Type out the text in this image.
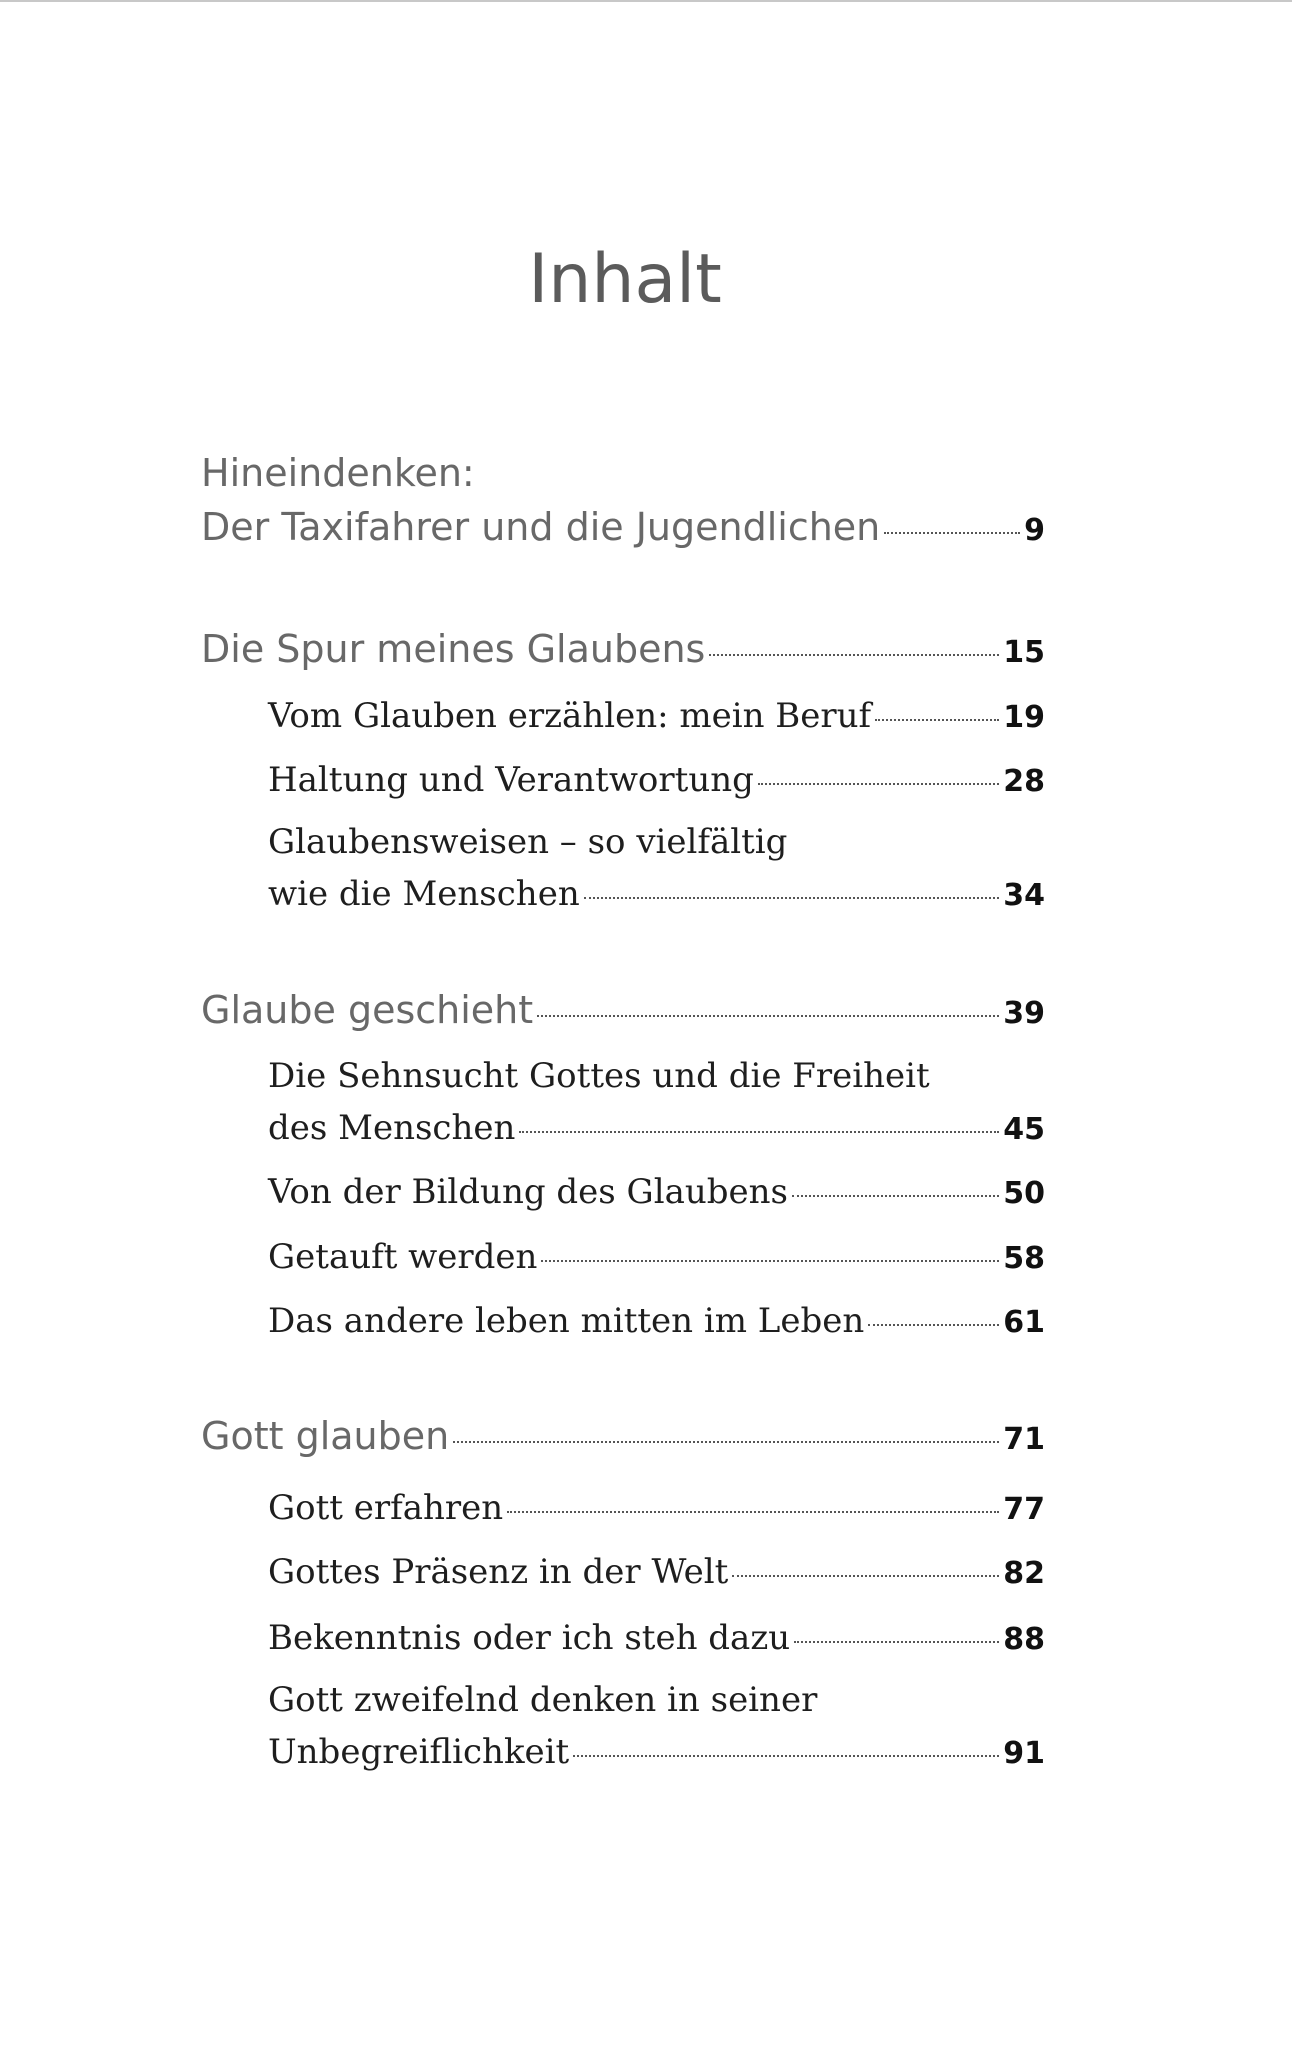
Inhalt
Hineindenken:
Der Taxifahrer und die Jugendlichen	9
Die Spur meines Glaubens	15
Vom Glauben erzählen: mein Beruf	19
Haltung und Verantwortung	28
Glaubensweisen – so vielfältig
wie die Menschen	34
Glaube geschieht	39
Die Sehnsucht Gottes und die Freiheit
des Menschen	45
Von der Bildung des Glaubens	50
Getauft werden	58
Das andere leben mitten im Leben	61
Gott glauben	71
Gott erfahren	77
Gottes Präsenz in der Welt	82
Bekenntnis oder ich steh dazu	88
Gott zweifelnd denken in seiner
Unbegreiflichkeit	91
